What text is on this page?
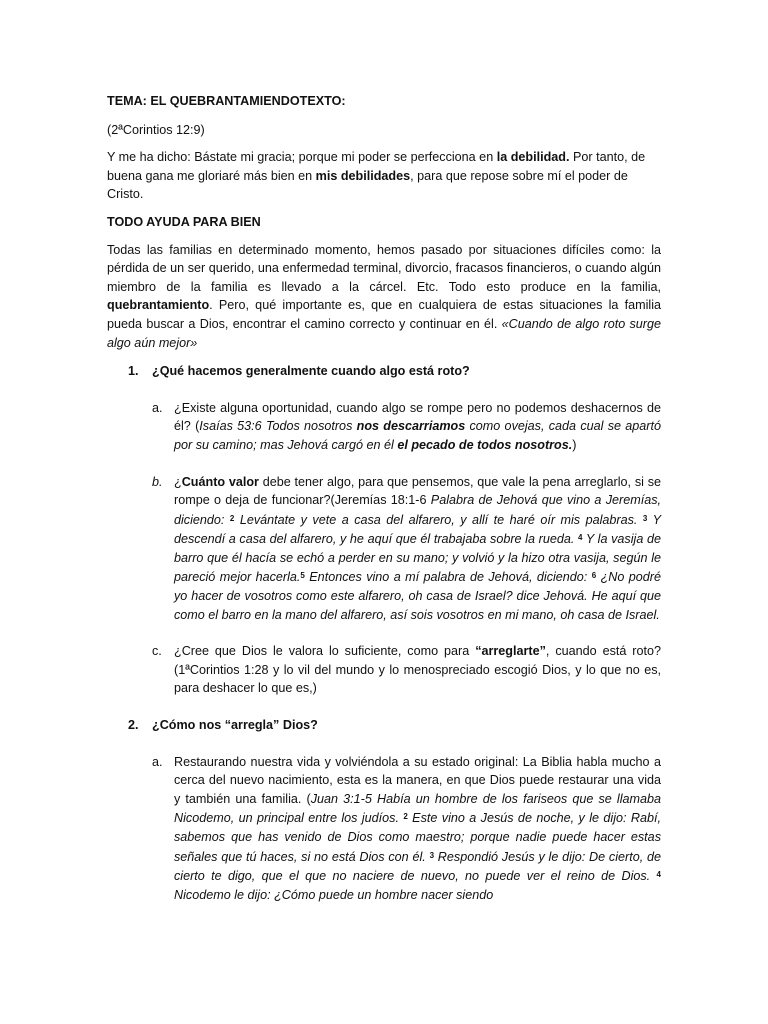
TEMA: EL QUEBRANTAMIENDOTEXTO:

(2ªCorintios 12:9)

Y me ha dicho: Bástate mi gracia; porque mi poder se perfecciona en la debilidad. Por tanto, de buena gana me gloriaré más bien en mis debilidades, para que repose sobre mí el poder de Cristo.

TODO AYUDA PARA BIEN

Todas las familias en determinado momento, hemos pasado por situaciones difíciles como: la pérdida de un ser querido, una enfermedad terminal, divorcio, fracasos financieros, o cuando algún miembro de la familia es llevado a la cárcel. Etc. Todo esto produce en la familia, quebrantamiento. Pero, qué importante es, que en cualquiera de estas situaciones la familia pueda buscar a Dios, encontrar el camino correcto y continuar en él. «Cuando de algo roto surge algo aún mejor»

1. ¿Qué hacemos generalmente cuando algo está roto?

a. ¿Existe alguna oportunidad, cuando algo se rompe pero no podemos deshacernos de él? (Isaías 53:6 Todos nosotros nos descarriamos como ovejas, cada cual se apartó por su camino; mas Jehová cargó en él el pecado de todos nosotros.)

b. ¿Cuánto valor debe tener algo, para que pensemos, que vale la pena arreglarlo, si se rompe o deja de funcionar?(Jeremías 18:1-6 Palabra de Jehová que vino a Jeremías, diciendo: $^2$ Levántate y vete a casa del alfarero, y allí te haré oír mis palabras. $^3$ Y descendí a casa del alfarero, y he aquí que él trabajaba sobre la rueda. $^4$ Y la vasija de barro que él hacía se echó a perder en su mano; y volvió y la hizo otra vasija, según le pareció mejor hacerla.$^5$ Entonces vino a mí palabra de Jehová, diciendo: $^6$ ¿No podré yo hacer de vosotros como este alfarero, oh casa de Israel? dice Jehová. He aquí que como el barro en la mano del alfarero, así sois vosotros en mi mano, oh casa de Israel.

c. ¿Cree que Dios le valora lo suficiente, como para “arreglarte”, cuando está roto? (1ªCorintios 1:28 y lo vil del mundo y lo menospreciado escogió Dios, y lo que no es, para deshacer lo que es,)

2. ¿Cómo nos “arregla” Dios?

a. Restaurando nuestra vida y volviéndola a su estado original: La Biblia habla mucho a cerca del nuevo nacimiento, esta es la manera, en que Dios puede restaurar una vida y también una familia. (Juan 3:1-5 Había un hombre de los fariseos que se llamaba Nicodemo, un principal entre los judíos. $^2$ Este vino a Jesús de noche, y le dijo: Rabí, sabemos que has venido de Dios como maestro; porque nadie puede hacer estas señales que tú haces, si no está Dios con él. $^3$ Respondió Jesús y le dijo: De cierto, de cierto te digo, que el que no naciere de nuevo, no puede ver el reino de Dios. $^4$ Nicodemo le dijo: ¿Cómo puede un hombre nacer siendo
